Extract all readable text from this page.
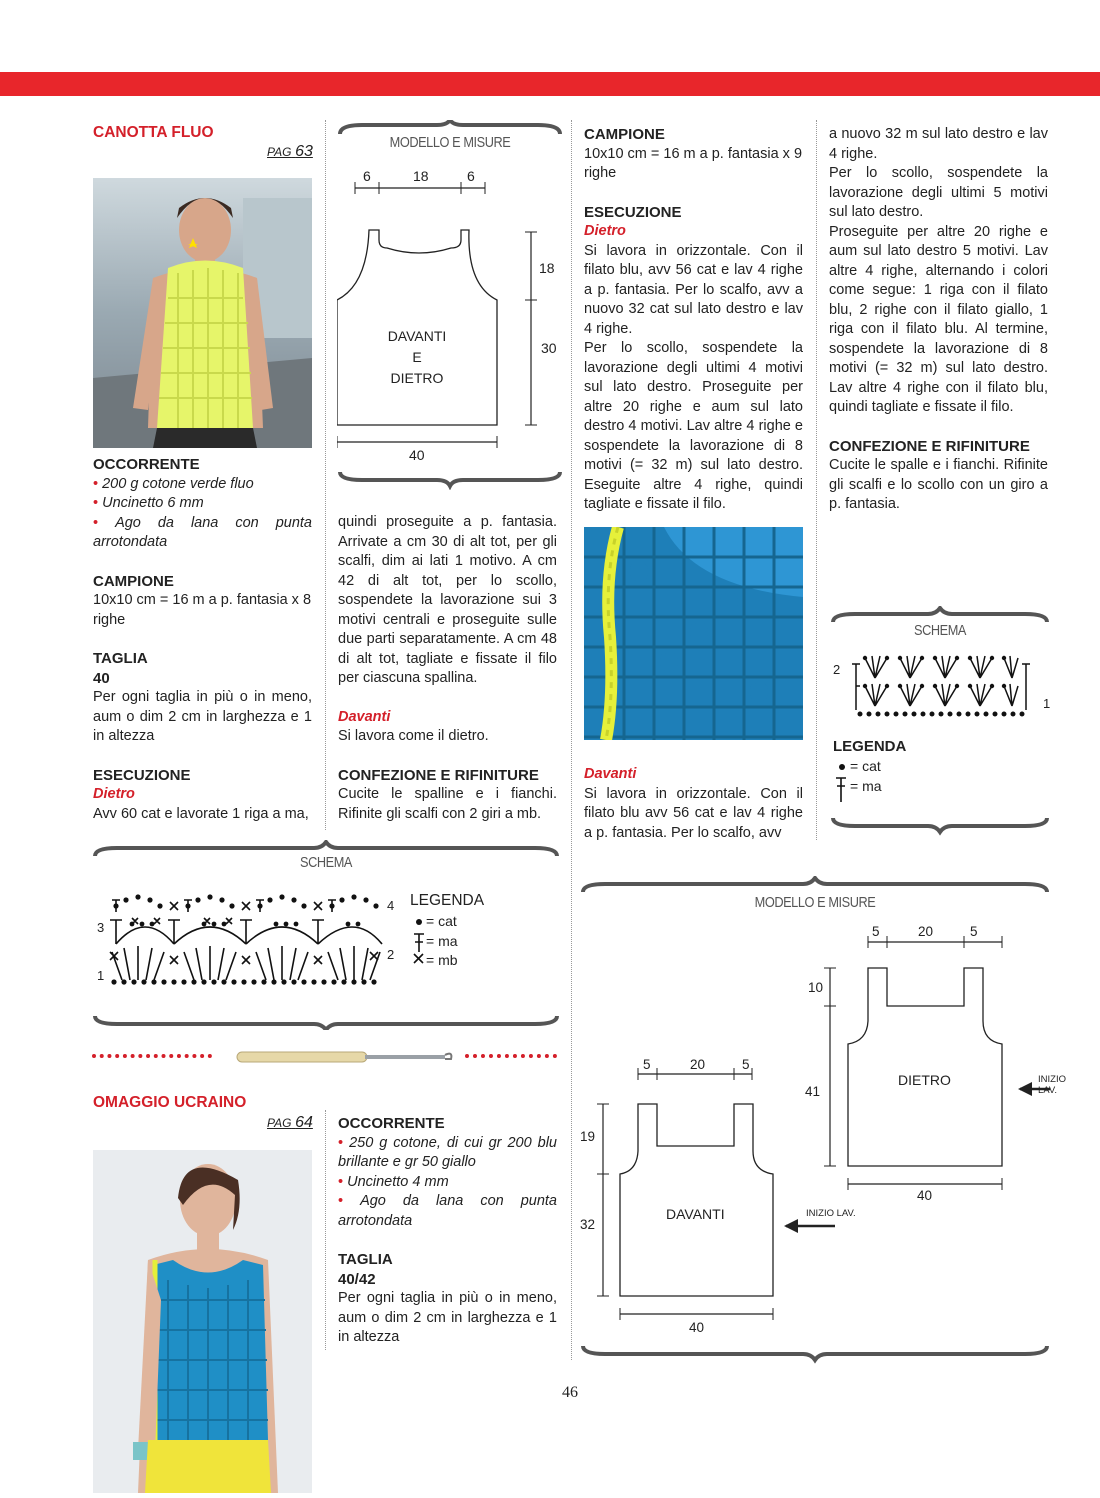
CANOTTA FLUO
PAG 63

OCCORRENTE

• 200 g cotone verde fluo

• Uncinetto 6 mm

• Ago da lana con punta arrotondata

CAMPIONE

10x10 cm = 16 m a p. fantasia x 8 righe

TAGLIA

40

Per ogni taglia in più o in meno, aum o dim 2 cm in larghezza e 1 in altezza

ESECUZIONE

Dietro

Avv 60 cat e lavorate 1 riga a ma,

MODELLO E MISURE
6	18	6
18
30
40
DAVANTI
E
DIETRO

quindi proseguite a p. fantasia. Arrivate a cm 30 di alt tot, per gli scalfi, dim ai lati 1 motivo. A cm 42 di alt tot, per lo scollo, sospendete la lavorazione sui 3 motivi centrali e proseguite sulle due parti separatamente. A cm 48 di alt tot, tagliate e fissate il filo per ciascuna spallina.

Davanti

Si lavora come il dietro.

CONFEZIONE E RIFINITURE

Cucite le spalline e i fianchi. Rifinite gli scalfi con 2 giri a mb.

SCHEMA
4
3
2
1
LEGENDA
= cat
= ma
= mb
OMAGGIO UCRAINO
PAG 64 OCCORRENTE

• 250 g cotone, di cui gr 200 blu brillante e gr 50 giallo

• Uncinetto 4 mm

• Ago da lana con punta arrotondata

TAGLIA

40/42

Per ogni taglia in più o in meno, aum o dim 2 cm in larghezza e 1 in altezza

CAMPIONE

10x10 cm = 16 m a p. fantasia x 9 righe

ESECUZIONE

Dietro

Si lavora in orizzontale. Con il filato blu, avv 56 cat e lav 4 righe a p. fantasia. Per lo scalfo, avv a nuovo 32 cat sul lato destro e lav 4 righe.

Per lo scollo, sospendete la lavorazione degli ultimi 4 motivi sul lato destro. Proseguite per altre 20 righe e aum sul lato destro 4 motivi. Lav altre 4 righe e sospendete la lavorazione di 8 motivi (= 32 m) sul lato destro. Eseguite altre 4 righe, quindi tagliate e fissate il filo.

Davanti

Si lavora in orizzontale. Con il filato blu avv 56 cat e lav 4 righe a p. fantasia. Per lo scalfo, avv

a nuovo 32 m sul lato destro e lav 4 righe.

Per lo scollo, sospendete la lavorazione degli ultimi 5 motivi sul lato destro.

Proseguite per altre 20 righe e aum sul lato destro 5 motivi. Lav altre 4 righe, alternando i colori come segue: 1 riga con il filato blu, 2 righe con il filato giallo, 1 riga con il filato blu. Al termine, sospendete la lavorazione di 8 motivi (= 32 m) sul lato destro. Lav altre 4 righe con il filato blu, quindi tagliate e fissate il filo.

CONFEZIONE E RIFINITURE

Cucite le spalle e i fianchi. Rifinite gli scalfi e lo scollo con un giro a p. fantasia.

SCHEMA
2
1
LEGENDA
= cat
= ma
MODELLO E MISURE
5	20	5
10
41
40
DIETRO	INIZIO LAV.
5	20	5
19
32
40
DAVANTI	INIZIO LAV.
46
